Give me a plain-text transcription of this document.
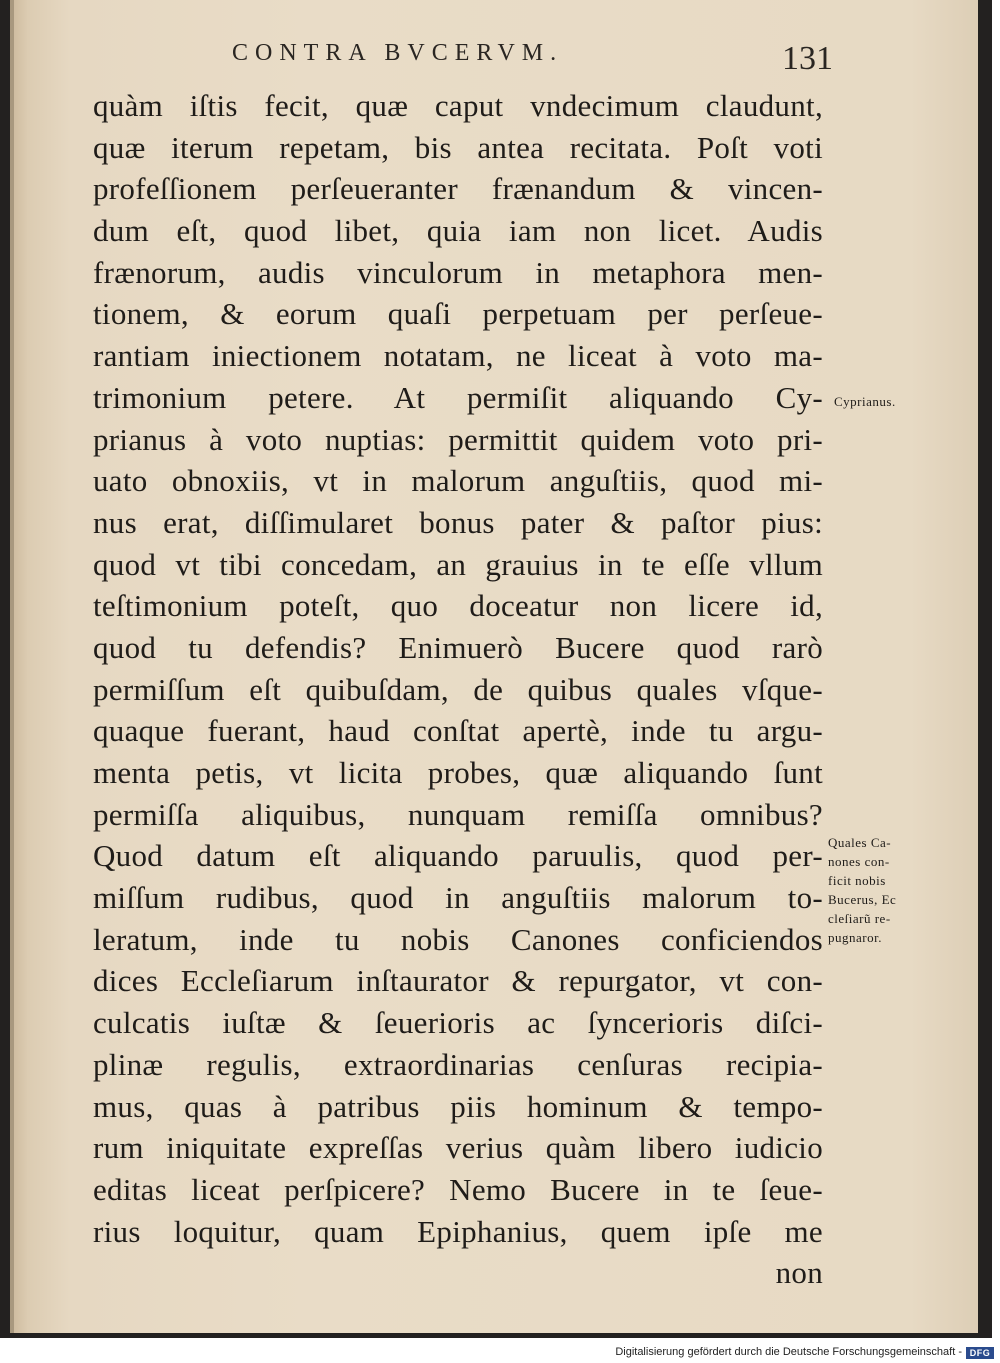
CONTRA BVCERVM.	131
quàm iſtis fecit, quæ caput vndecimum claudunt,
quæ iterum repetam, bis antea recitata. Poſt voti
profeſſionem perſeueranter frænandum & vincen-
dum eſt, quod libet, quia iam non licet. Audis
frænorum, audis vinculorum in metaphora men-
tionem, & eorum quaſi perpetuam per perſeue-
rantiam iniectionem notatam, ne liceat à voto ma-
trimonium petere. At permiſit aliquando Cy-
prianus à voto nuptias: permittit quidem voto pri-
uato obnoxiis, vt in malorum anguſtiis, quod mi-
nus erat, diſſimularet bonus pater & paſtor pius:
quod vt tibi concedam, an grauius in te eſſe vllum
teſtimonium poteſt, quo doceatur non licere id,
quod tu defendis? Enimuerò Bucere quod rarò
permiſſum eſt quibuſdam, de quibus quales vſque-
quaque fuerant, haud conſtat apertè, inde tu argu-
menta petis, vt licita probes, quæ aliquando ſunt
permiſſa aliquibus, nunquam remiſſa omnibus?
Quod datum eſt aliquando paruulis, quod per-
miſſum rudibus, quod in anguſtiis malorum to-
leratum, inde tu nobis Canones conficiendos
dices Eccleſiarum inſtaurator & repurgator, vt con-
culcatis iuſtæ & ſeuerioris ac ſyncerioris diſci-
plinæ regulis, extraordinarias cenſuras recipia-
mus, quas à patribus piis hominum & tempo-
rum iniquitate expreſſas verius quàm libero iudicio
editas liceat perſpicere? Nemo Bucere in te ſeue-
rius loquitur, quam Epiphanius, quem ipſe me
non
Cyprianus.
Quales Ca-
nones con-
ficit nobis
Bucerus, Ec
cleſiarũ re-
pugnaror.
Digitalisierung gefördert durch die Deutsche Forschungsgemeinschaft - DFG
